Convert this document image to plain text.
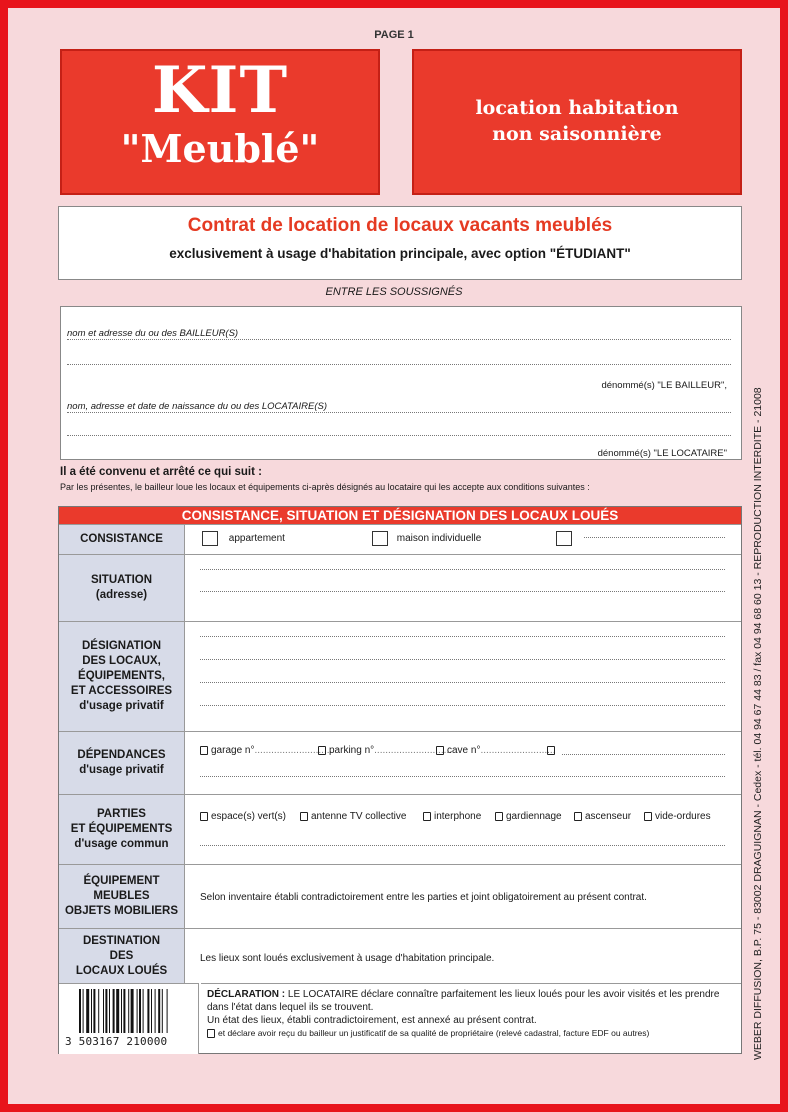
PAGE 1
KIT
"Meublé"
location habitation
non saisonnière
Contrat de location de locaux vacants meublés
exclusivement à usage d'habitation principale, avec option "ÉTUDIANT"
ENTRE LES SOUSSIGNÉS
nom et adresse du ou des BAILLEUR(S)
dénommé(s) "LE BAILLEUR",
nom, adresse et date de naissance du ou des LOCATAIRE(S)
dénommé(s) "LE LOCATAIRE"
Il a été convenu et arrêté ce qui suit :
Par les présentes, le bailleur loue les locaux et équipements ci-après désignés au locataire qui les accepte aux conditions suivantes :
CONSISTANCE, SITUATION ET DÉSIGNATION DES LOCAUX LOUÉS
CONSISTANCE	appartement	maison individuelle
SITUATION
(adresse)
DÉSIGNATION
DES LOCAUX,
ÉQUIPEMENTS,
ET ACCESSOIRES
d'usage privatif
DÉPENDANCES
d'usage privatif
garage n°............................
parking n°............................
cave n°...........................
PARTIES
ET ÉQUIPEMENTS
d'usage commun
espace(s) vert(s)	antenne TV collective	interphone	gardiennage	ascenseur	vide-ordures
ÉQUIPEMENT
MEUBLES
OBJETS MOBILIERS
Selon inventaire établi contradictoirement entre les parties et joint obligatoirement au présent contrat.
DESTINATION
DES
LOCAUX LOUÉS
Les lieux sont loués exclusivement à usage d'habitation principale.
3 503167 210000
DÉCLARATION : LE LOCATAIRE déclare connaître parfaitement les lieux loués pour les avoir visités et les prendre dans l'état dans lequel ils se trouvent.
Un état des lieux, établi contradictoirement, est annexé au présent contrat.
et déclare avoir reçu du bailleur un justificatif de sa qualité de propriétaire (relevé cadastral, facture EDF ou autres)	WEBER DIFFUSION, B.P. 75 - 83002 DRAGUIGNAN - Cedex - tél. 04 94 67 44 83 / fax 04 94 68 60 13 - REPRODUCTION INTERDITE - 21008
